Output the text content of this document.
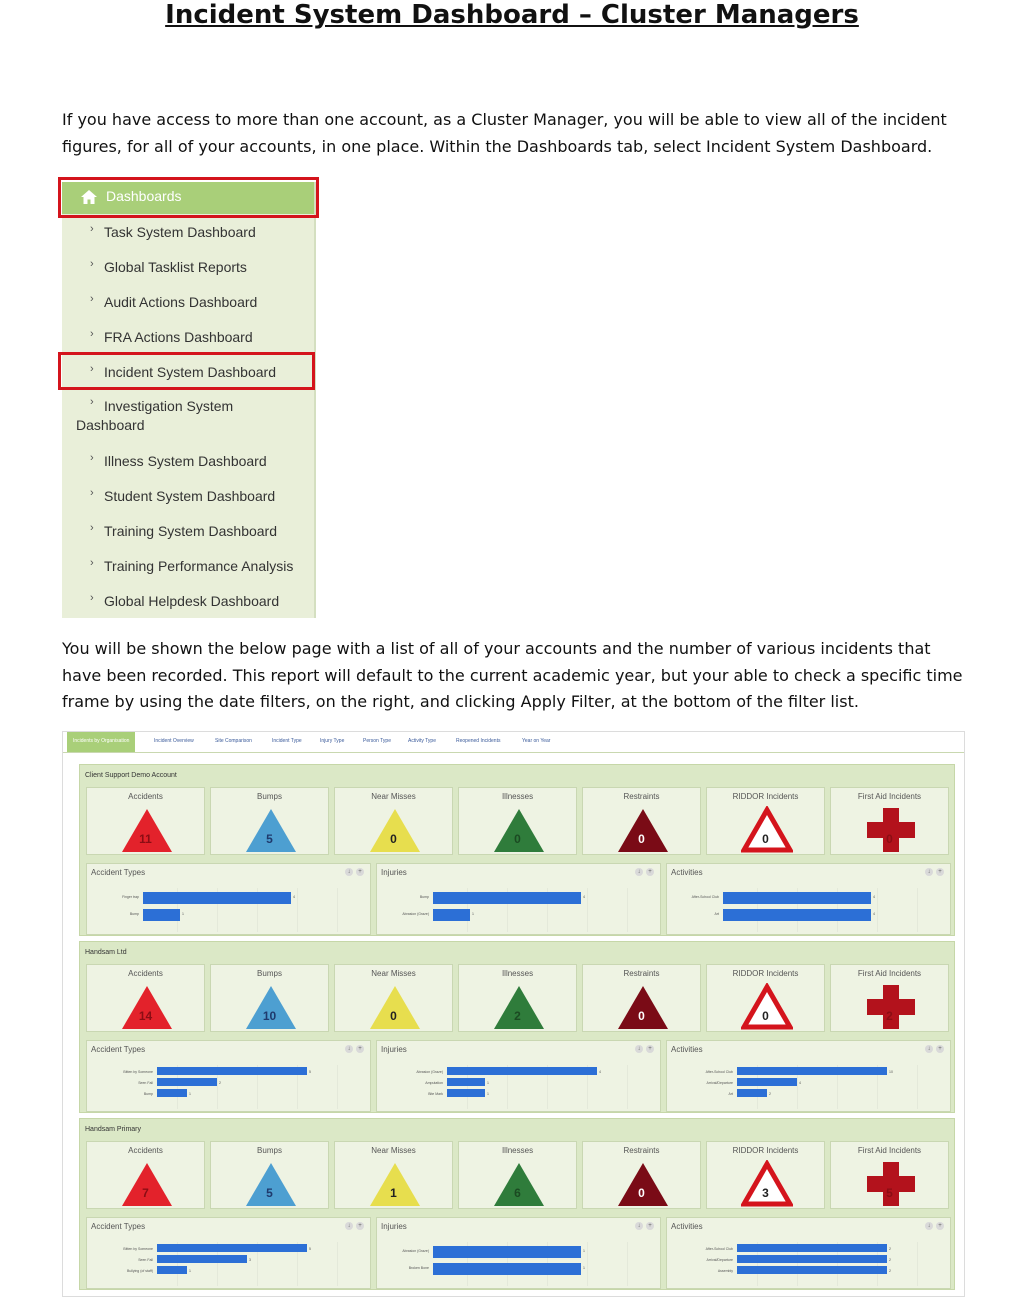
Incident System Dashboard – Cluster Managers
If you have access to more than one account, as a Cluster Manager, you will be able to view all of the incident figures, for all of your accounts, in one place. Within the Dashboards tab, select Incident System Dashboard.
Dashboards
› Task System Dashboard
› Global Tasklist Reports
› Audit Actions Dashboard
› FRA Actions Dashboard
› Incident System Dashboard
› Investigation System Dashboard
› Illness System Dashboard
› Student System Dashboard
› Training System Dashboard
› Training Performance Analysis
› Global Helpdesk Dashboard
You will be shown the below page with a list of all of your accounts and the number of various incidents that have been recorded. This report will default to the current academic year, but your able to check a specific time frame by using the date filters, on the right, and clicking Apply Filter, at the bottom of the filter list.
Incidents by Organisation	Incident Overview	Site Comparison	Incident Type	Injury Type	Person Type	Activity Type	Reopened Incidents	Year on Year
Client Support Demo Account
Accidents
11
Bumps
5
Near Misses
0
Illnesses
0
Restraints
0
RIDDOR Incidents
0
First Aid Incidents
0
Accident Types	↓	+
Finger trap	4
Bump	1
Injuries	↓	+
Bump	4
Abrasion (Graze)	1
Activities	↓	+
After-School Club	4
Art	4
Handsam Ltd
Accidents
14
Bumps
10
Near Misses
0
Illnesses
2
Restraints
0
RIDDOR Incidents
0
First Aid Incidents
2
Accident Types	↓	+
Bitten by Someone	5
Seen Fall	2
Bump	1
Injuries	↓	+
Abrasion (Graze)	4
Amputation	1
Bite Mark	1
Activities	↓	+
After-School Club	10
Arrival/Departure	4
Art	2
Handsam Primary
Accidents
7
Bumps
5
Near Misses
1
Illnesses
6
Restraints
0
RIDDOR Incidents
3
First Aid Incidents
5
Accident Types	↓	+
Bitten by Someone	5
Seen Fall	3
Bullying (of staff)	1
Injuries	↓	+
Abrasion (Graze)	1
Broken Bone	1
Activities	↓	+
After-School Club	2
Arrival/Departure	2
Assembly	2
